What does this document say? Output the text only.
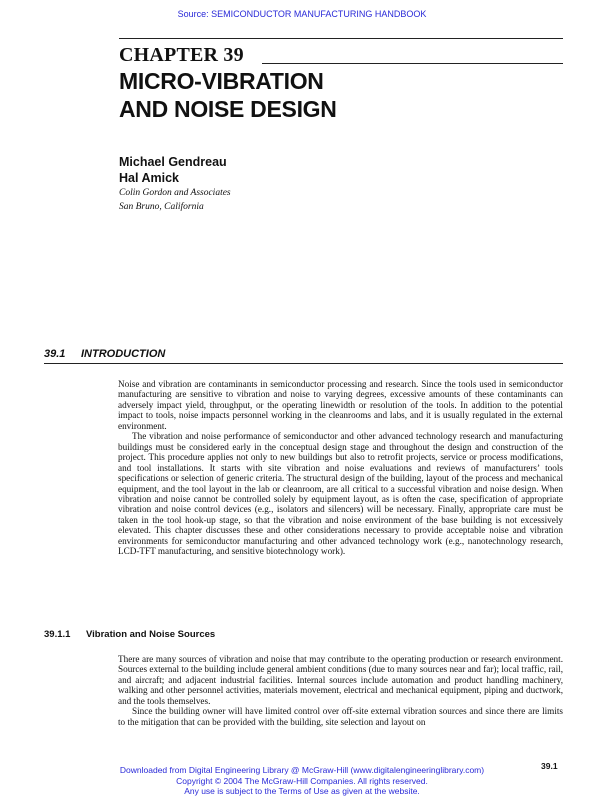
Source: SEMICONDUCTOR MANUFACTURING HANDBOOK
CHAPTER 39
MICRO-VIBRATION
AND NOISE DESIGN
Michael Gendreau
Hal Amick
Colin Gordon and Associates
San Bruno, California
39.1 INTRODUCTION

Noise and vibration are contaminants in semiconductor processing and research. Since the tools used in semiconductor manufacturing are sensitive to vibration and noise to varying degrees, excessive amounts of these contaminants can adversely impact yield, throughput, or the operating linewidth or resolution of the tools. In addition to the potential impact to tools, noise impacts personnel working in the cleanrooms and labs, and it is usually regulated in the external environment.

The vibration and noise performance of semiconductor and other advanced technology research and manufacturing buildings must be considered early in the conceptual design stage and throughout the design and construction of the project. This procedure applies not only to new buildings but also to retrofit projects, service or process modifications, and tool installations. It starts with site vibration and noise evaluations and reviews of manufacturers’ tools specifications or selection of generic criteria. The structural design of the building, layout of the process and mechanical equipment, and the tool layout in the lab or cleanroom, are all critical to a successful vibration and noise design. When vibration and noise cannot be controlled solely by equipment layout, as is often the case, specification of appropriate vibration and noise control devices (e.g., isolators and silencers) will be necessary. Finally, appropriate care must be taken in the tool hook-up stage, so that the vibration and noise environment of the base building is not excessively elevated. This chapter discusses these and other considerations necessary to provide acceptable noise and vibration environments for semiconductor manufacturing and other advanced technology work (e.g., nanotechnology research, LCD-TFT manufacturing, and sensitive biotechnology work).

39.1.1 Vibration and Noise Sources

There are many sources of vibration and noise that may contribute to the operating production or research environment. Sources external to the building include general ambient conditions (due to many sources near and far); local traffic, rail, and aircraft; and adjacent industrial facilities. Internal sources include automation and product handling machinery, walking and other personnel activities, materials movement, electrical and mechanical equipment, piping and ductwork, and the tools themselves.

Since the building owner will have limited control over off-site external vibration sources and since there are limits to the mitigation that can be provided with the building, site selection and layout on

39.1
Downloaded from Digital Engineering Library @ McGraw-Hill (www.digitalengineeringlibrary.com)
Copyright © 2004 The McGraw-Hill Companies. All rights reserved.
Any use is subject to the Terms of Use as given at the website.
